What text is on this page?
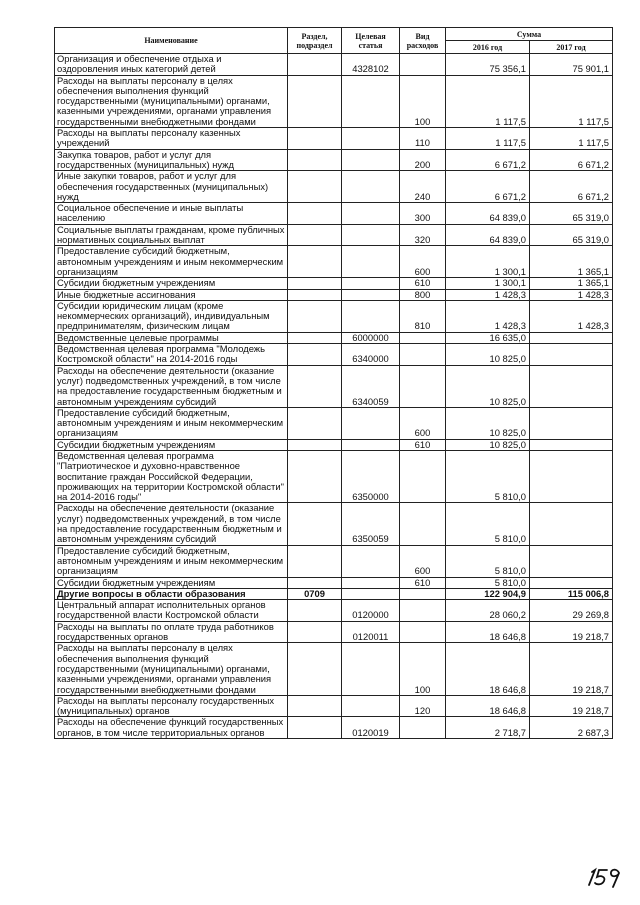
Наименование	Раздел, подраздел	Целевая статья	Вид расходов	Сумма	
				2016 год	2017 год
Организация и обеспечение отдыха и оздоровления иных категорий детей		4328102		75 356,1	75 901,1
Расходы на выплаты персоналу в целях обеспечения выполнения функций государственными (муниципальными) органами, казенными учреждениями, органами управления государственными внебюджетными фондами			100	1 117,5	1 117,5
Расходы на выплаты персоналу казенных учреждений			110	1 117,5	1 117,5
Закупка товаров, работ и услуг для государственных (муниципальных) нужд			200	6 671,2	6 671,2
Иные закупки товаров, работ и услуг для обеспечения государственных (муниципальных) нужд			240	6 671,2	6 671,2
Социальное обеспечение и иные выплаты населению			300	64 839,0	65 319,0
Социальные выплаты гражданам, кроме публичных нормативных социальных выплат			320	64 839,0	65 319,0
Предоставление субсидий бюджетным, автономным учреждениям и иным некоммерческим организациям			600	1 300,1	1 365,1
Субсидии бюджетным учреждениям			610	1 300,1	1 365,1
Иные бюджетные ассигнования			800	1 428,3	1 428,3
Субсидии юридическим лицам (кроме некоммерческих организаций), индивидуальным предпринимателям, физическим лицам			810	1 428,3	1 428,3
Ведомственные целевые программы		6000000		16 635,0	
Ведомственная целевая программа "Молодежь Костромской области" на 2014-2016 годы		6340000		10 825,0	
Расходы на обеспечение деятельности (оказание услуг) подведомственных учреждений, в том числе на предоставление государственным бюджетным и автономным учреждениям субсидий		6340059		10 825,0	
Предоставление субсидий бюджетным, автономным учреждениям и иным некоммерческим организациям			600	10 825,0	
Субсидии бюджетным учреждениям			610	10 825,0	
Ведомственная целевая программа "Патриотическое и духовно-нравственное воспитание граждан Российской Федерации, проживающих на территории Костромской области" на 2014-2016 годы"		6350000		5 810,0	
Расходы на обеспечение деятельности (оказание услуг) подведомственных учреждений, в том числе на предоставление государственным бюджетным и автономным учреждениям субсидий		6350059		5 810,0	
Предоставление субсидий бюджетным, автономным учреждениям и иным некоммерческим организациям			600	5 810,0	
Субсидии бюджетным учреждениям			610	5 810,0	
Другие вопросы в области образования	0709			122 904,9	115 006,8
Центральный аппарат исполнительных органов государственной власти Костромской области		0120000		28 060,2	29 269,8
Расходы на выплаты по оплате труда работников государственных органов		0120011		18 646,8	19 218,7
Расходы на выплаты персоналу в целях обеспечения выполнения функций государственными (муниципальными) органами, казенными учреждениями, органами управления государственными внебюджетными фондами			100	18 646,8	19 218,7
Расходы на выплаты персоналу государственных (муниципальных) органов			120	18 646,8	19 218,7
Расходы на обеспечение функций государственных органов, в том числе территориальных органов		0120019		2 718,7	2 687,3
